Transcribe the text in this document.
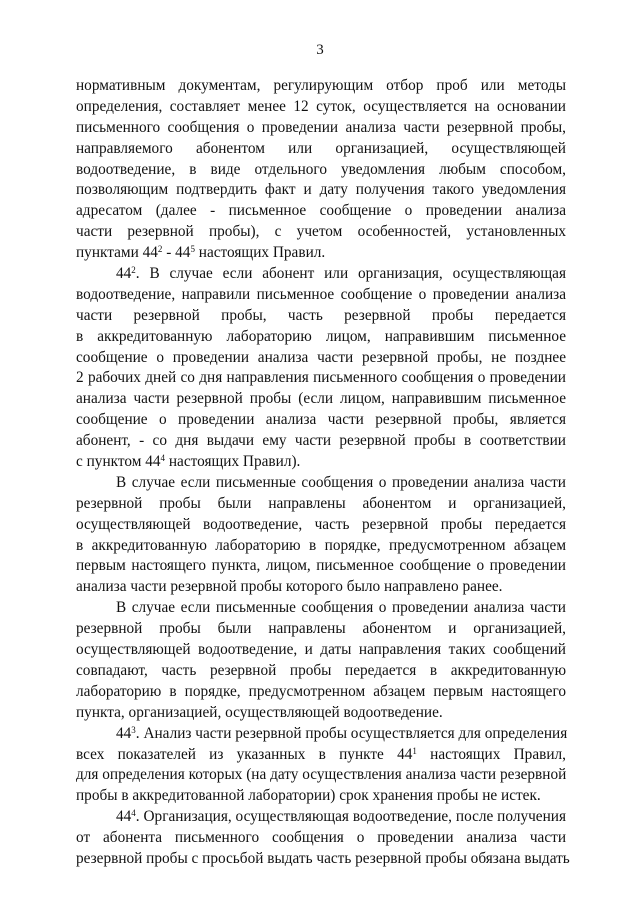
3
нормативным документам, регулирующим отбор проб или методы
определения, составляет менее 12 суток, осуществляется на основании
письменного сообщения о проведении анализа части резервной пробы,
направляемого абонентом или организацией, осуществляющей
водоотведение, в виде отдельного уведомления любым способом,
позволяющим подтвердить факт и дату получения такого уведомления
адресатом (далее - письменное сообщение о проведении анализа
части резервной пробы), с учетом особенностей, установленных
пунктами $44^2 - 44^5$ настоящих Правил.
$44^2$. В случае если абонент или организация, осуществляющая
водоотведение, направили письменное сообщение о проведении анализа
части резервной пробы, часть резервной пробы передается
в аккредитованную лабораторию лицом, направившим письменное
сообщение о проведении анализа части резервной пробы, не позднее
2 рабочих дней со дня направления письменного сообщения о проведении
анализа части резервной пробы (если лицом, направившим письменное
сообщение о проведении анализа части резервной пробы, является
абонент, - со дня выдачи ему части резервной пробы в соответствии
с пунктом $44^4$ настоящих Правил).
В случае если письменные сообщения о проведении анализа части
резервной пробы были направлены абонентом и организацией,
осуществляющей водоотведение, часть резервной пробы передается
в аккредитованную лабораторию в порядке, предусмотренном абзацем
первым настоящего пункта, лицом, письменное сообщение о проведении
анализа части резервной пробы которого было направлено ранее.
В случае если письменные сообщения о проведении анализа части
резервной пробы были направлены абонентом и организацией,
осуществляющей водоотведение, и даты направления таких сообщений
совпадают, часть резервной пробы передается в аккредитованную
лабораторию в порядке, предусмотренном абзацем первым настоящего
пункта, организацией, осуществляющей водоотведение.
$44^3$. Анализ части резервной пробы осуществляется для определения
всех показателей из указанных в пункте $44^1$ настоящих Правил,
для определения которых (на дату осуществления анализа части резервной
пробы в аккредитованной лаборатории) срок хранения пробы не истек.
$44^4$. Организация, осуществляющая водоотведение, после получения
от абонента письменного сообщения о проведении анализа части
резервной пробы с просьбой выдать часть резервной пробы обязана выдать
